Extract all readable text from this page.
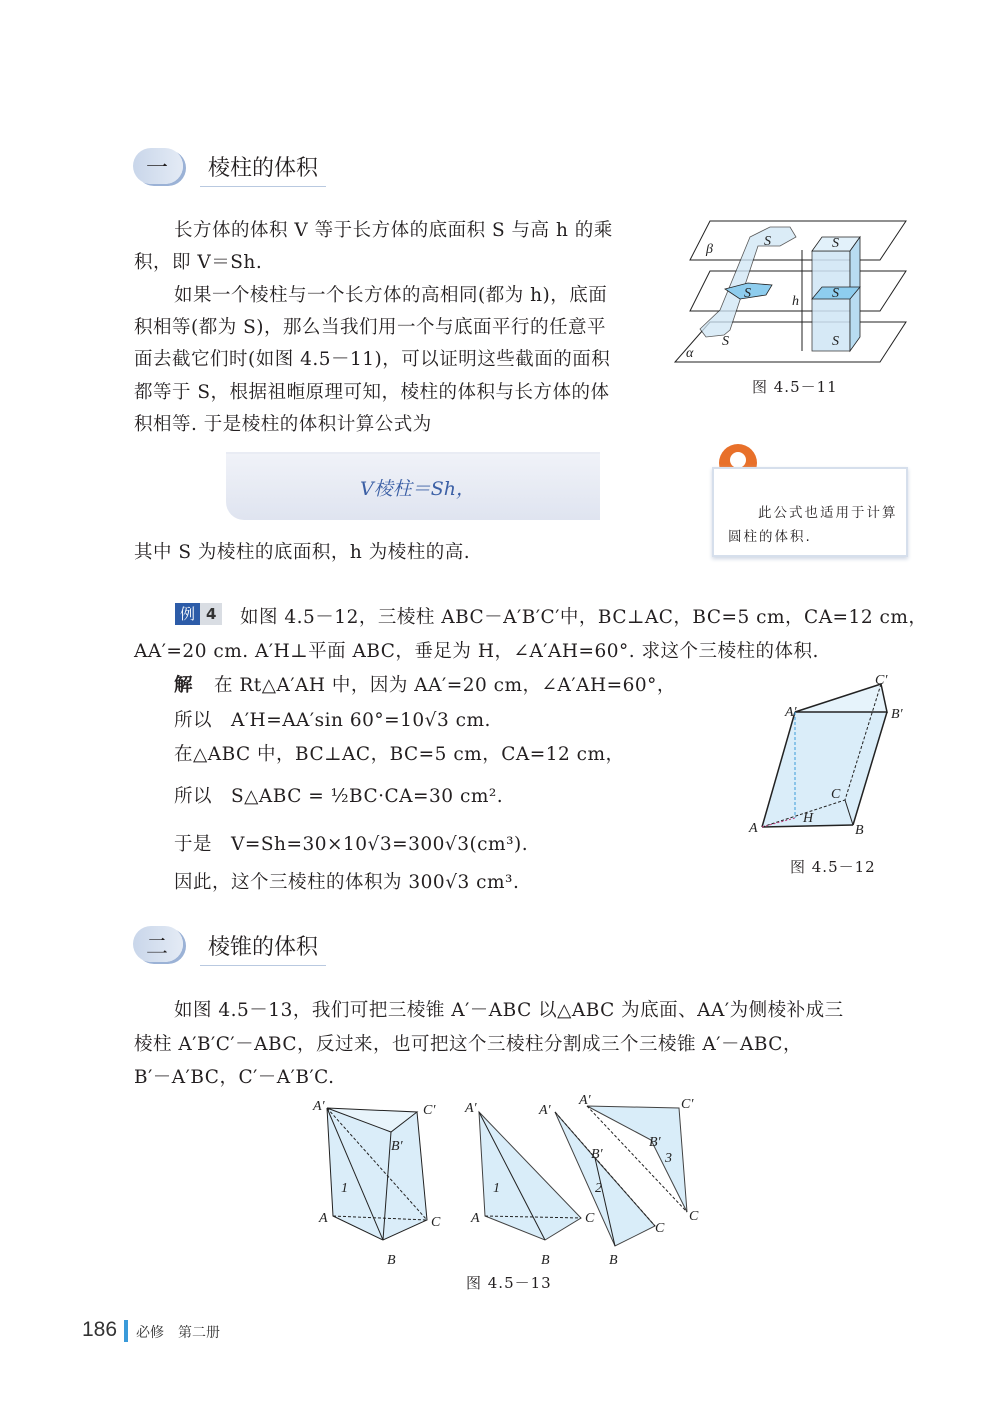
一	棱柱的体积
长方体的体积 V 等于长方体的底面积 S 与高 h 的乘
积，即 V＝Sh.
如果一个棱柱与一个长方体的高相同(都为 h)，底面
积相等(都为 S)，那么当我们用一个与底面平行的任意平
面去截它们时(如图 4.5－11)，可以证明这些截面的面积
都等于 S，根据祖暅原理可知，棱柱的体积与长方体的体
积相等. 于是棱柱的体积计算公式为
V棱柱＝Sh，
其中 S 为棱柱的底面积，h 为棱柱的高.
β
α
h
S
S
S
S
S
S
图 4.5－11
此公式也适用于计算
圆柱的体积.
例 4	如图 4.5－12，三棱柱 ABC－A′B′C′中，BC⊥AC，BC=5 cm，CA=12 cm，
AA′=20 cm. A′H⊥平面 ABC，垂足为 H，∠A′AH=60°. 求这个三棱柱的体积.
解 在 Rt△A′AH 中，因为 AA′=20 cm，∠A′AH=60°，
所以　A′H=AA′sin 60°=10√3 cm.
在△ABC 中，BC⊥AC，BC=5 cm，CA=12 cm，
所以　S△ABC = ½BC·CA=30 cm².
于是　V=Sh=30×10√3=300√3(cm³).
因此，这个三棱柱的体积为 300√3 cm³.
A	B
C
A′	B′
C′
H
图 4.5－12
二	棱锥的体积
如图 4.5－13，我们可把三棱锥 A′－ABC 以△ABC 为底面、AA′为侧棱补成三
棱柱 A′B′C′－ABC，反过来，也可把这个三棱柱分割成三个三棱锥 A′－ABC，
B′－A′BC，C′－A′B′C.
A′	C′
B′
A	C
B
1
A′
A	C
B
1
A′
B′
C
B
2
A′	C′
B′
C
3
图 4.5－13
186 必修　第二册
